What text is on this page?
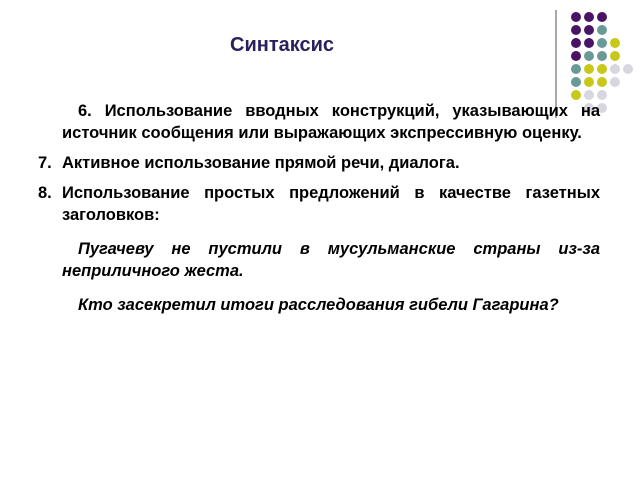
Синтаксис

6. Использование вводных конструкций, указывающих на источник сообщения или выражающих экспрессивную оценку.

7. Активное использование прямой речи, диалога.
8. Использование простых предложений в качестве газетных заголовков:

Пугачеву не пустили в мусульманские страны из-за неприличного жеста.

Кто засекретил итоги расследования гибели Гагарина?
